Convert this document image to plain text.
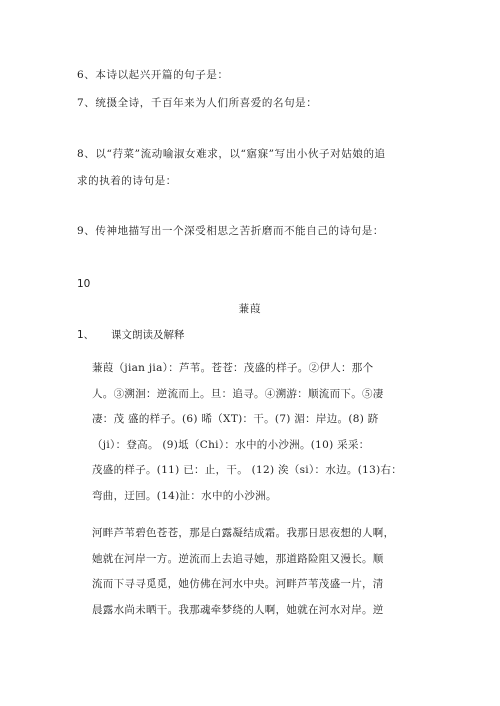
6、本诗以起兴开篇的句子是：
7、统摄全诗，千百年来为人们所喜爱的名句是：
8、以“荇菜”流动喻淑女难求，以“寤寐”写出小伙子对姑娘的追
求的执着的诗句是：
9、传神地描写出一个深受相思之苦折磨而不能自己的诗句是：
10
蒹葭
1、 课文朗读及解释
蒹葭（jian jia）：芦苇。苍苍：茂盛的样子。②伊人：那个
人。③溯洄：逆流而上。旦：追寻。④溯游：顺流而下。⑤凄
凄：茂 盛的样子。(6) 晞（XT)：干。(7) 湄：岸边。(8) 跻
（ji）：登高。 (9)坻（Chi）：水中的小沙洲。(10) 采采：
茂盛的样子。(11) 已：止，干。 (12) 涘（si）：水边。(13)右：
弯曲，迂回。(14)沚：水中的小沙洲。
河畔芦苇碧色苍苍，那是白露凝结成霜。我那日思夜想的人啊，
她就在河岸一方。逆流而上去追寻她，那道路险阻又漫长。顺
流而下寻寻觅觅，她仿佛在河水中央。河畔芦苇茂盛一片，清
晨露水尚未晒干。我那魂牵梦绕的人啊，她就在河水对岸。逆
